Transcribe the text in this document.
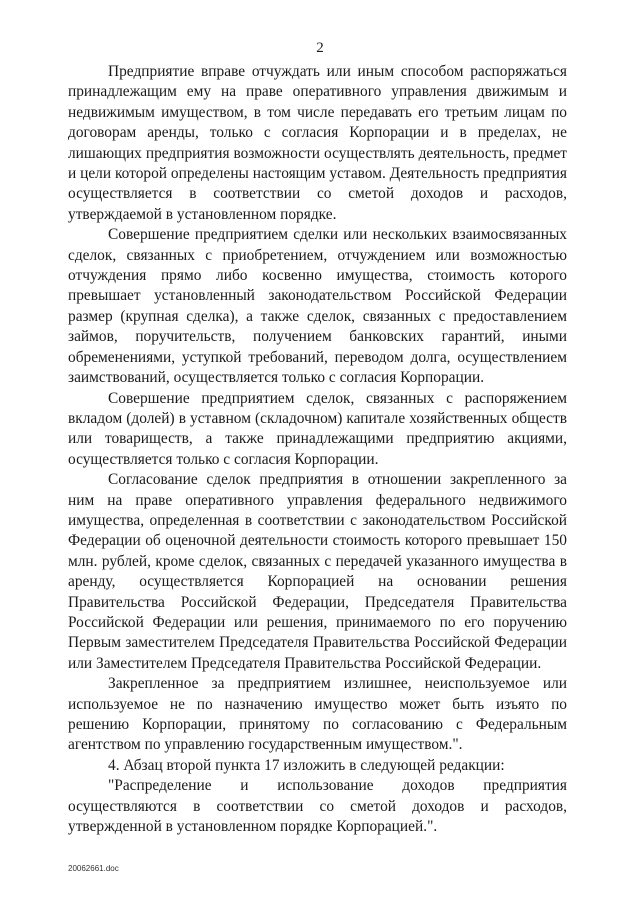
2

Предприятие вправе отчуждать или иным способом распоряжаться принадлежащим ему на праве оперативного управления движимым и недвижимым имуществом, в том числе передавать его третьим лицам по договорам аренды, только с согласия Корпорации и в пределах, не лишающих предприятия возможности осуществлять деятельность, предмет и цели которой определены настоящим уставом. Деятельность предприятия осуществляется в соответствии со сметой доходов и расходов, утверждаемой в установленном порядке.

Совершение предприятием сделки или нескольких взаимосвязанных сделок, связанных с приобретением, отчуждением или возможностью отчуждения прямо либо косвенно имущества, стоимость которого превышает установленный законодательством Российской Федерации размер (крупная сделка), а также сделок, связанных с предоставлением займов, поручительств, получением банковских гарантий, иными обременениями, уступкой требований, переводом долга, осуществлением заимствований, осуществляется только с согласия Корпорации.

Совершение предприятием сделок, связанных с распоряжением вкладом (долей) в уставном (складочном) капитале хозяйственных обществ или товариществ, а также принадлежащими предприятию акциями, осуществляется только с согласия Корпорации.

Согласование сделок предприятия в отношении закрепленного за ним на праве оперативного управления федерального недвижимого имущества, определенная в соответствии с законодательством Российской Федерации об оценочной деятельности стоимость которого превышает 150 млн. рублей, кроме сделок, связанных с передачей указанного имущества в аренду, осуществляется Корпорацией на основании решения Правительства Российской Федерации, Председателя Правительства Российской Федерации или решения, принимаемого по его поручению Первым заместителем Председателя Правительства Российской Федерации или Заместителем Председателя Правительства Российской Федерации.

Закрепленное за предприятием излишнее, неиспользуемое или используемое не по назначению имущество может быть изъято по решению Корпорации, принятому по согласованию с Федеральным агентством по управлению государственным имуществом.".

4. Абзац второй пункта 17 изложить в следующей редакции:

"Распределение и использование доходов предприятия осуществляются в соответствии со сметой доходов и расходов, утвержденной в установленном порядке Корпорацией.".

20062661.doc
